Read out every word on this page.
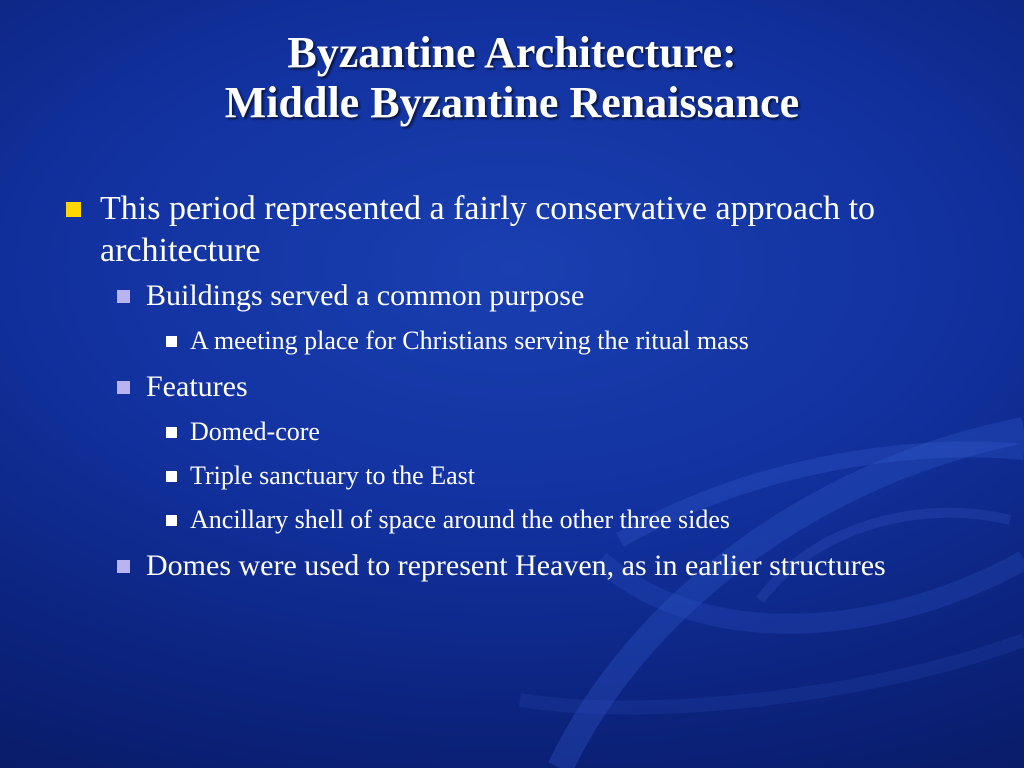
Byzantine Architecture:
Middle Byzantine Renaissance
This period represented a fairly conservative approach to architecture
Buildings served a common purpose
A meeting place for Christians serving the ritual mass
Features
Domed-core
Triple sanctuary to the East
Ancillary shell of space around the other three sides
Domes were used to represent Heaven, as in earlier structures
